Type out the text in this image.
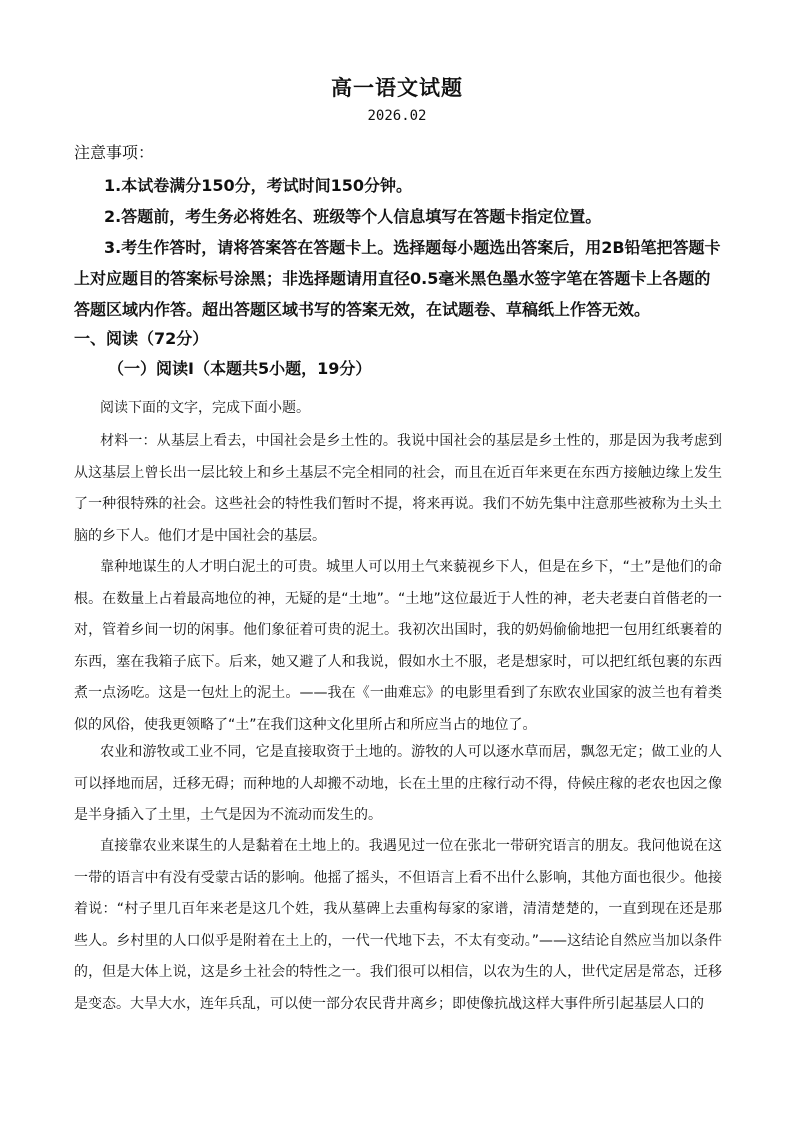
高一语文试题
2026.02
注意事项：
1.本试卷满分150分，考试时间150分钟。
2.答题前，考生务必将姓名、班级等个人信息填写在答题卡指定位置。
3.考生作答时，请将答案答在答题卡上。选择题每小题选出答案后，用2B铅笔把答题卡上对应题目的答案标号涂黑；非选择题请用直径0.5毫米黑色墨水签字笔在答题卡上各题的答题区域内作答。超出答题区域书写的答案无效，在试题卷、草稿纸上作答无效。
一、阅读（72分）
（一）阅读Ⅰ（本题共5小题，19分）
阅读下面的文字，完成下面小题。
材料一：从基层上看去，中国社会是乡土性的。我说中国社会的基层是乡土性的，那是因为我考虑到从这基层上曾长出一层比较上和乡土基层不完全相同的社会，而且在近百年来更在东西方接触边缘上发生了一种很特殊的社会。这些社会的特性我们暂时不提，将来再说。我们不妨先集中注意那些被称为土头土脑的乡下人。他们才是中国社会的基层。
靠种地谋生的人才明白泥土的可贵。城里人可以用土气来藐视乡下人，但是在乡下，“土”是他们的命根。在数量上占着最高地位的神，无疑的是“土地”。“土地”这位最近于人性的神，老夫老妻白首偕老的一对，管着乡间一切的闲事。他们象征着可贵的泥土。我初次出国时，我的奶妈偷偷地把一包用红纸裹着的东西，塞在我箱子底下。后来，她又避了人和我说，假如水土不服，老是想家时，可以把红纸包裹的东西煮一点汤吃。这是一包灶上的泥土。——我在《一曲难忘》的电影里看到了东欧农业国家的波兰也有着类似的风俗，使我更领略了“土”在我们这种文化里所占和所应当占的地位了。
农业和游牧或工业不同，它是直接取资于土地的。游牧的人可以逐水草而居，飘忽无定；做工业的人可以择地而居，迁移无碍；而种地的人却搬不动地，长在土里的庄稼行动不得，侍候庄稼的老农也因之像是半身插入了土里，土气是因为不流动而发生的。
直接靠农业来谋生的人是黏着在土地上的。我遇见过一位在张北一带研究语言的朋友。我问他说在这一带的语言中有没有受蒙古话的影响。他摇了摇头，不但语言上看不出什么影响，其他方面也很少。他接着说：“村子里几百年来老是这几个姓，我从墓碑上去重构每家的家谱，清清楚楚的，一直到现在还是那些人。乡村里的人口似乎是附着在土上的，一代一代地下去，不太有变动。”——这结论自然应当加以条件的，但是大体上说，这是乡土社会的特性之一。我们很可以相信，以农为生的人，世代定居是常态，迁移是变态。大旱大水，连年兵乱，可以使一部分农民背井离乡；即使像抗战这样大事件所引起基层人口的
